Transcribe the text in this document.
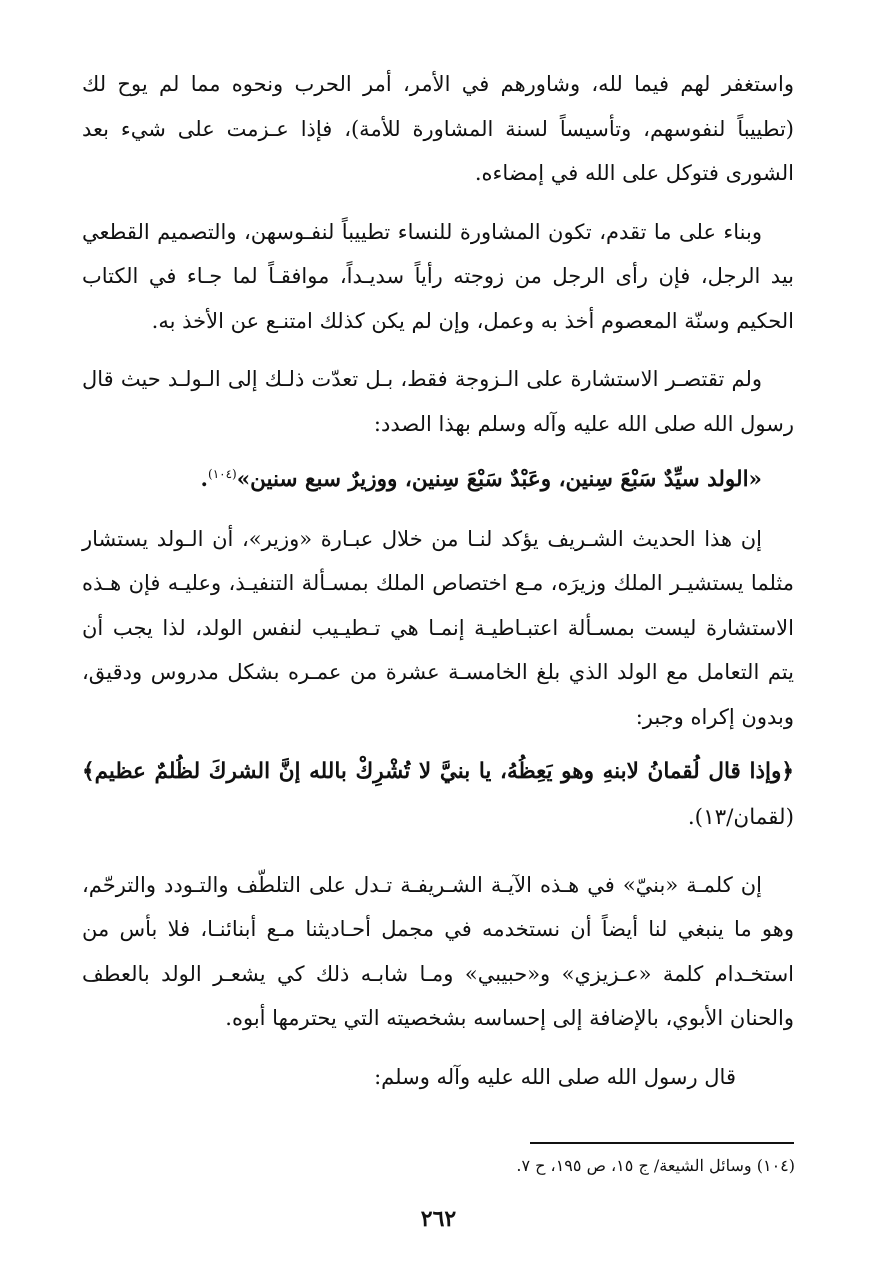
واستغفر لهم فيما لله، وشاورهم في الأمر، أمر الحرب ونحوه مما لم يوح لك (تطييباً لنفوسهم، وتأسيساً لسنة المشاورة للأمة)، فإذا عـزمت على شيء بعد الشورى فتوكل على الله في إمضاءه.

وبناء على ما تقدم، تكون المشاورة للنساء تطييباً لنفـوسهن، والتصميم القطعي بيد الرجل، فإن رأى الرجل من زوجته رأياً سديـداً، موافقـاً لما جـاء في الكتاب الحكيم وسنّة المعصوم أخذ به وعمل، وإن لم يكن كذلك امتنـع عن الأخذ به.

ولم تقتصـر الاستشارة على الـزوجة فقط، بـل تعدّت ذلـك إلى الـولـد حيث قال رسول الله صلى الله عليه وآله وسلم بهذا الصدد:

«الولد سيِّدٌ سَبْعَ سِنين، وعَبْدٌ سَبْعَ سِنين، ووزيرٌ سبع سنين»$^{(١٠٤)}$.

إن هذا الحديث الشـريف يؤكد لنـا من خلال عبـارة «وزير»، أن الـولد يستشار مثلما يستشيـر الملك وزيرَه، مـع اختصاص الملك بمسـألة التنفيـذ، وعليـه فإن هـذه الاستشارة ليست بمسـألة اعتبـاطيـة إنمـا هي تـطيـيب لنفس الولد، لذا يجب أن يتم التعامل مع الولد الذي بلغ الخامسـة عشرة من عمـره بشكل مدروس ودقيق، وبدون إكراه وجبر:

﴿وإذا قال لُقمانُ لابنهِ وهو يَعِظُهُ، يا بنيَّ لا تُشْرِكْ بالله إنَّ الشركَ لظُلمٌ عظيم﴾ (لقمان/١٣).

إن كلمـة «بنيّ» في هـذه الآيـة الشـريفـة تـدل على التلطّف والتـودد والترحّم، وهو ما ينبغي لنا أيضاً أن نستخدمه في مجمل أحـاديثنا مـع أبنائنـا، فلا بأس من استخـدام كلمة «عـزيزي» و«حبيبي» ومـا شابـه ذلك كي يشعـر الولد بالعطف والحنان الأبوي، بالإضافة إلى إحساسه بشخصيته التي يحترمها أبوه.

قال رسول الله صلى الله عليه وآله وسلم:

(١٠٤) وسائل الشيعة/ ج ١٥، ص ١٩٥، ح ٧.
٢٦٢
